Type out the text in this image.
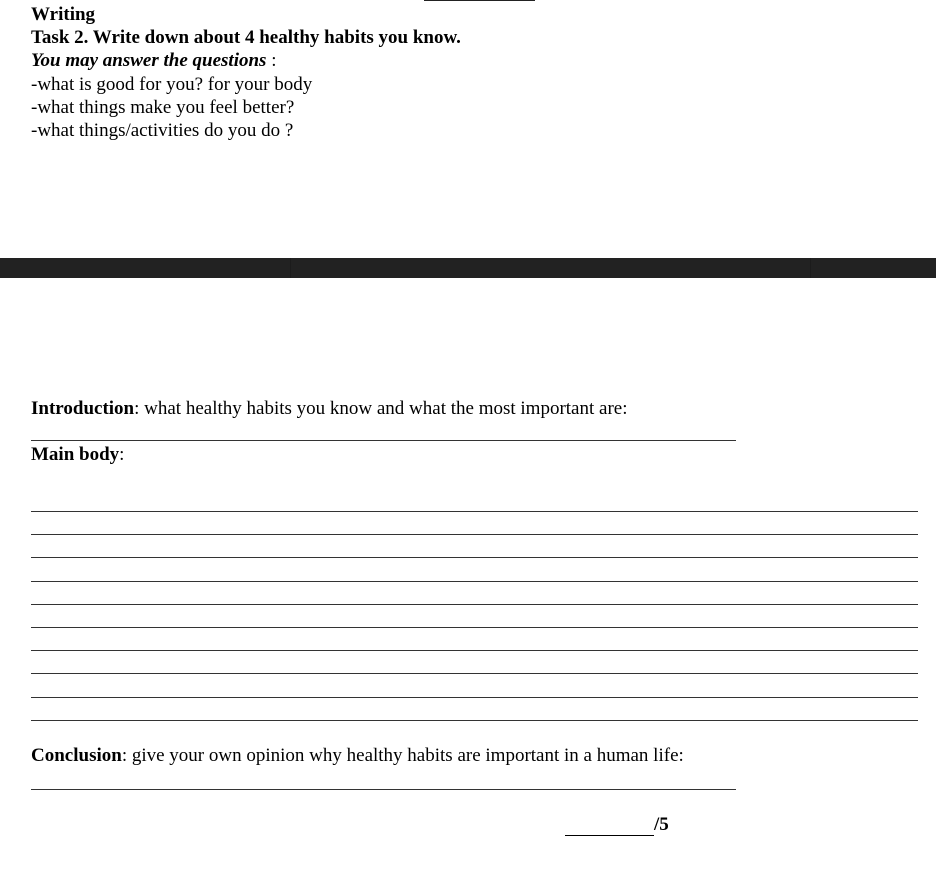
Writing
Task 2. Write down about 4 healthy habits you know.
You may answer the questions :
-what is good for you? for your body
-what things make you feel better?
-what things/activities do you do ?
Introduction: what healthy habits you know and what the most important are:
Main body:
Conclusion: give your own opinion why healthy habits are important in a human life:
/5
